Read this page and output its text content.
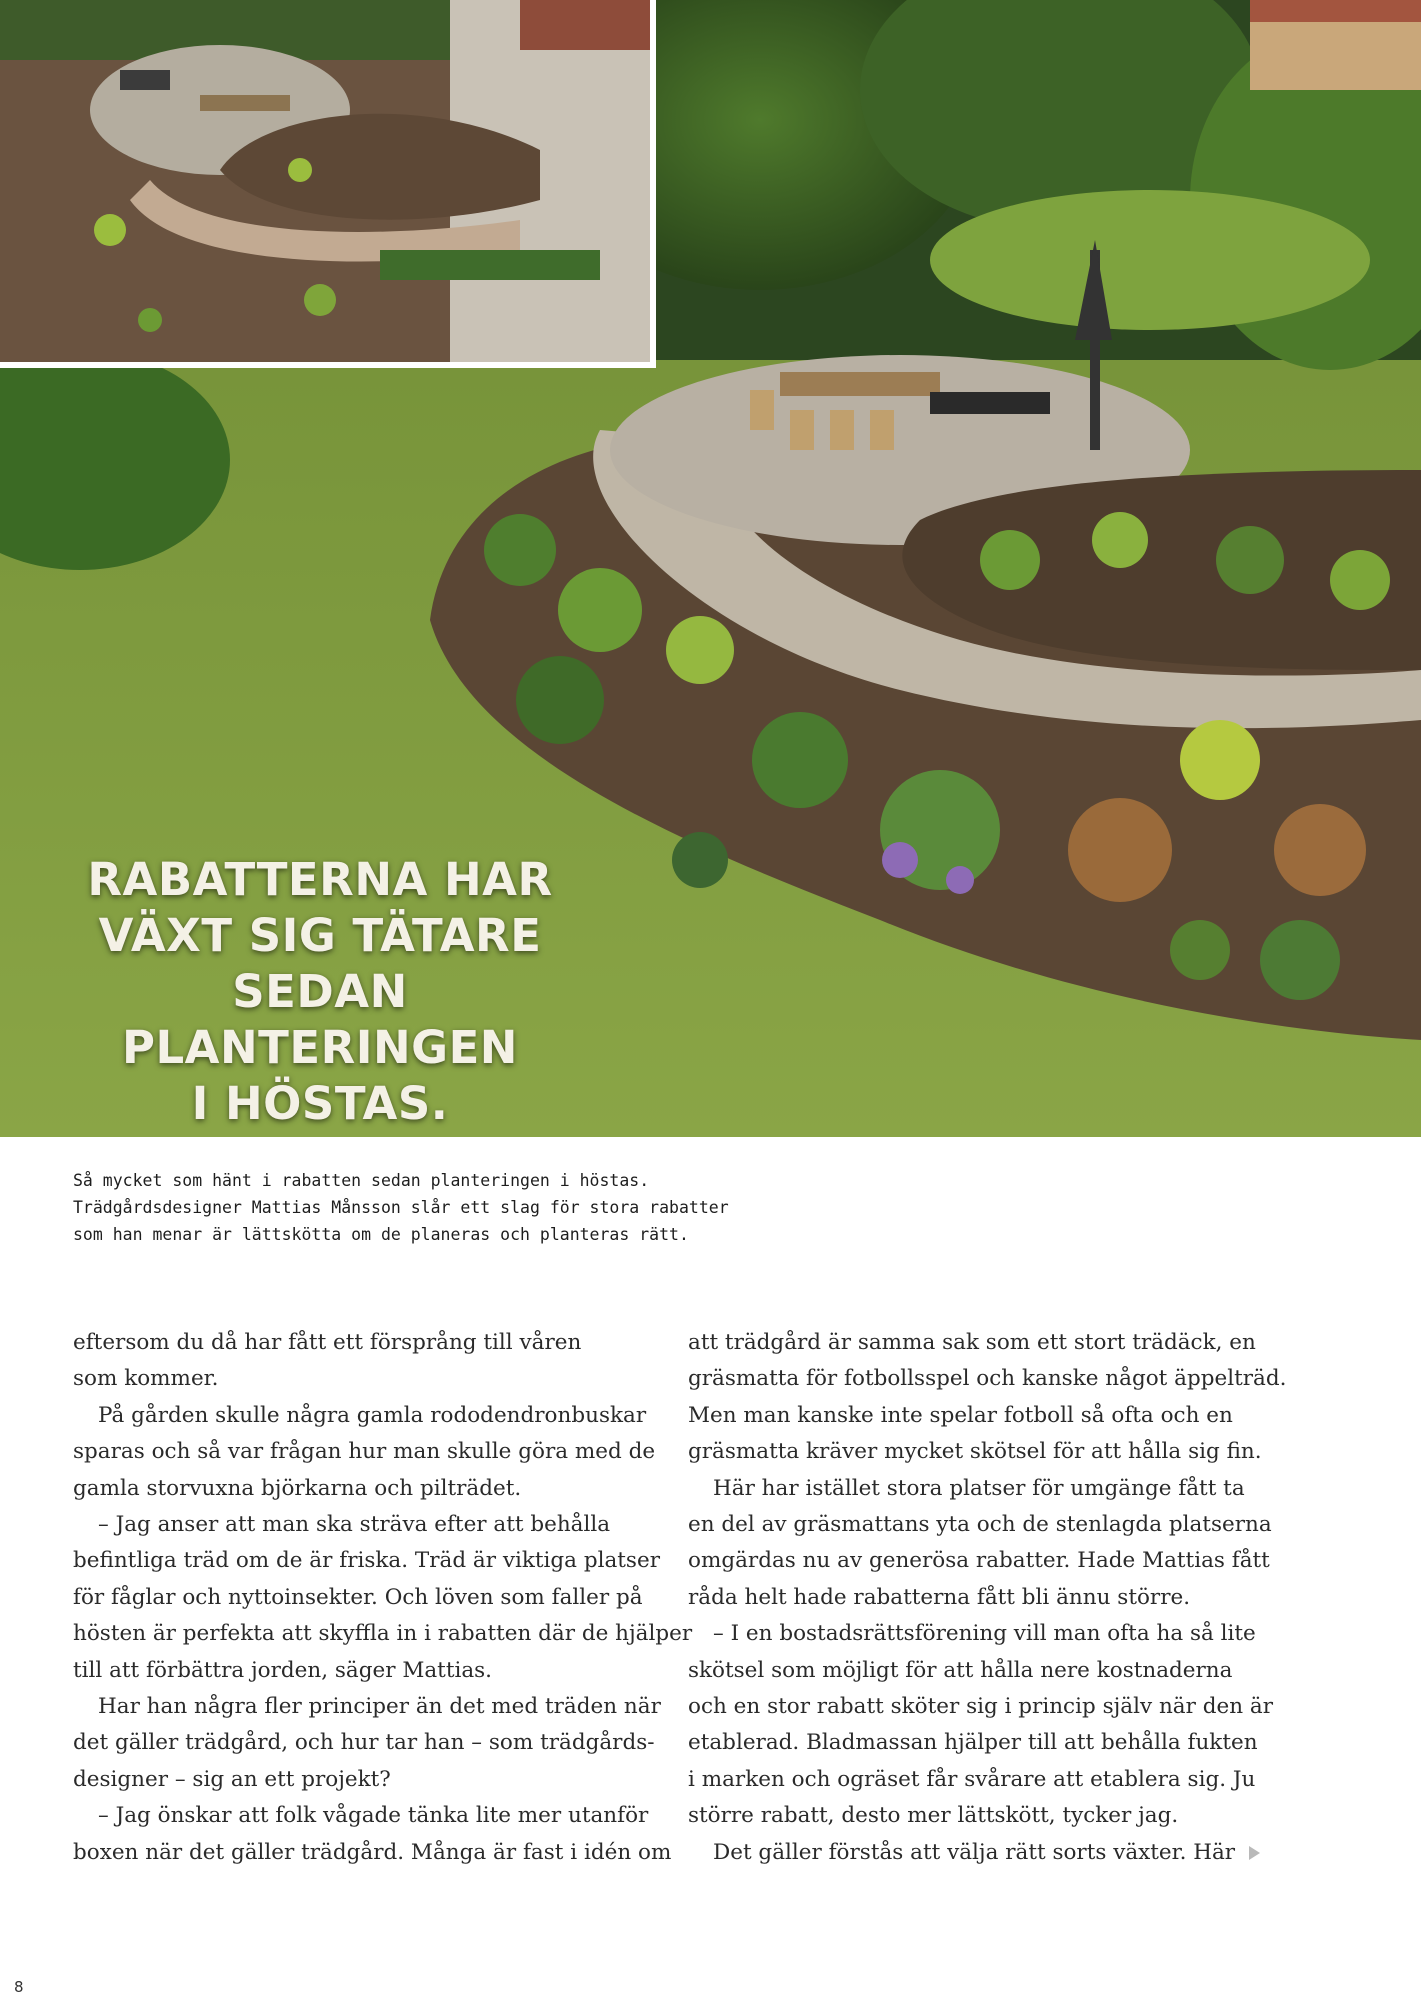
RABATTERNA HAR
VÄXT SIG TÄTARE
SEDAN PLANTERINGEN
I HÖSTAS.
Så mycket som hänt i rabatten sedan planteringen i höstas.
Trädgårdsdesigner Mattias Månsson slår ett slag för stora rabatter
som han menar är lättskötta om de planeras och planteras rätt.
eftersom du då har fått ett försprång till våren
som kommer.
På gården skulle några gamla rododendronbuskar
sparas och så var frågan hur man skulle göra med de
gamla storvuxna björkarna och pilträdet.
– Jag anser att man ska sträva efter att behålla
befintliga träd om de är friska. Träd är viktiga platser
för fåglar och nyttoinsekter. Och löven som faller på
hösten är perfekta att skyffla in i rabatten där de hjälper
till att förbättra jorden, säger Mattias.
Har han några fler principer än det med träden när
det gäller trädgård, och hur tar han – som trädgårds-
designer – sig an ett projekt?
– Jag önskar att folk vågade tänka lite mer utanför
boxen när det gäller trädgård. Många är fast i idén om
att trädgård är samma sak som ett stort trädäck, en
gräsmatta för fotbollsspel och kanske något äppelträd.
Men man kanske inte spelar fotboll så ofta och en
gräsmatta kräver mycket skötsel för att hålla sig fin.
Här har istället stora platser för umgänge fått ta
en del av gräsmattans yta och de stenlagda platserna
omgärdas nu av generösa rabatter. Hade Mattias fått
råda helt hade rabatterna fått bli ännu större.
– I en bostadsrättsförening vill man ofta ha så lite
skötsel som möjligt för att hålla nere kostnaderna
och en stor rabatt sköter sig i princip själv när den är
etablerad. Bladmassan hjälper till att behålla fukten
i marken och ogräset får svårare att etablera sig. Ju
större rabatt, desto mer lättskött, tycker jag.
Det gäller förstås att välja rätt sorts växter. Här
8
